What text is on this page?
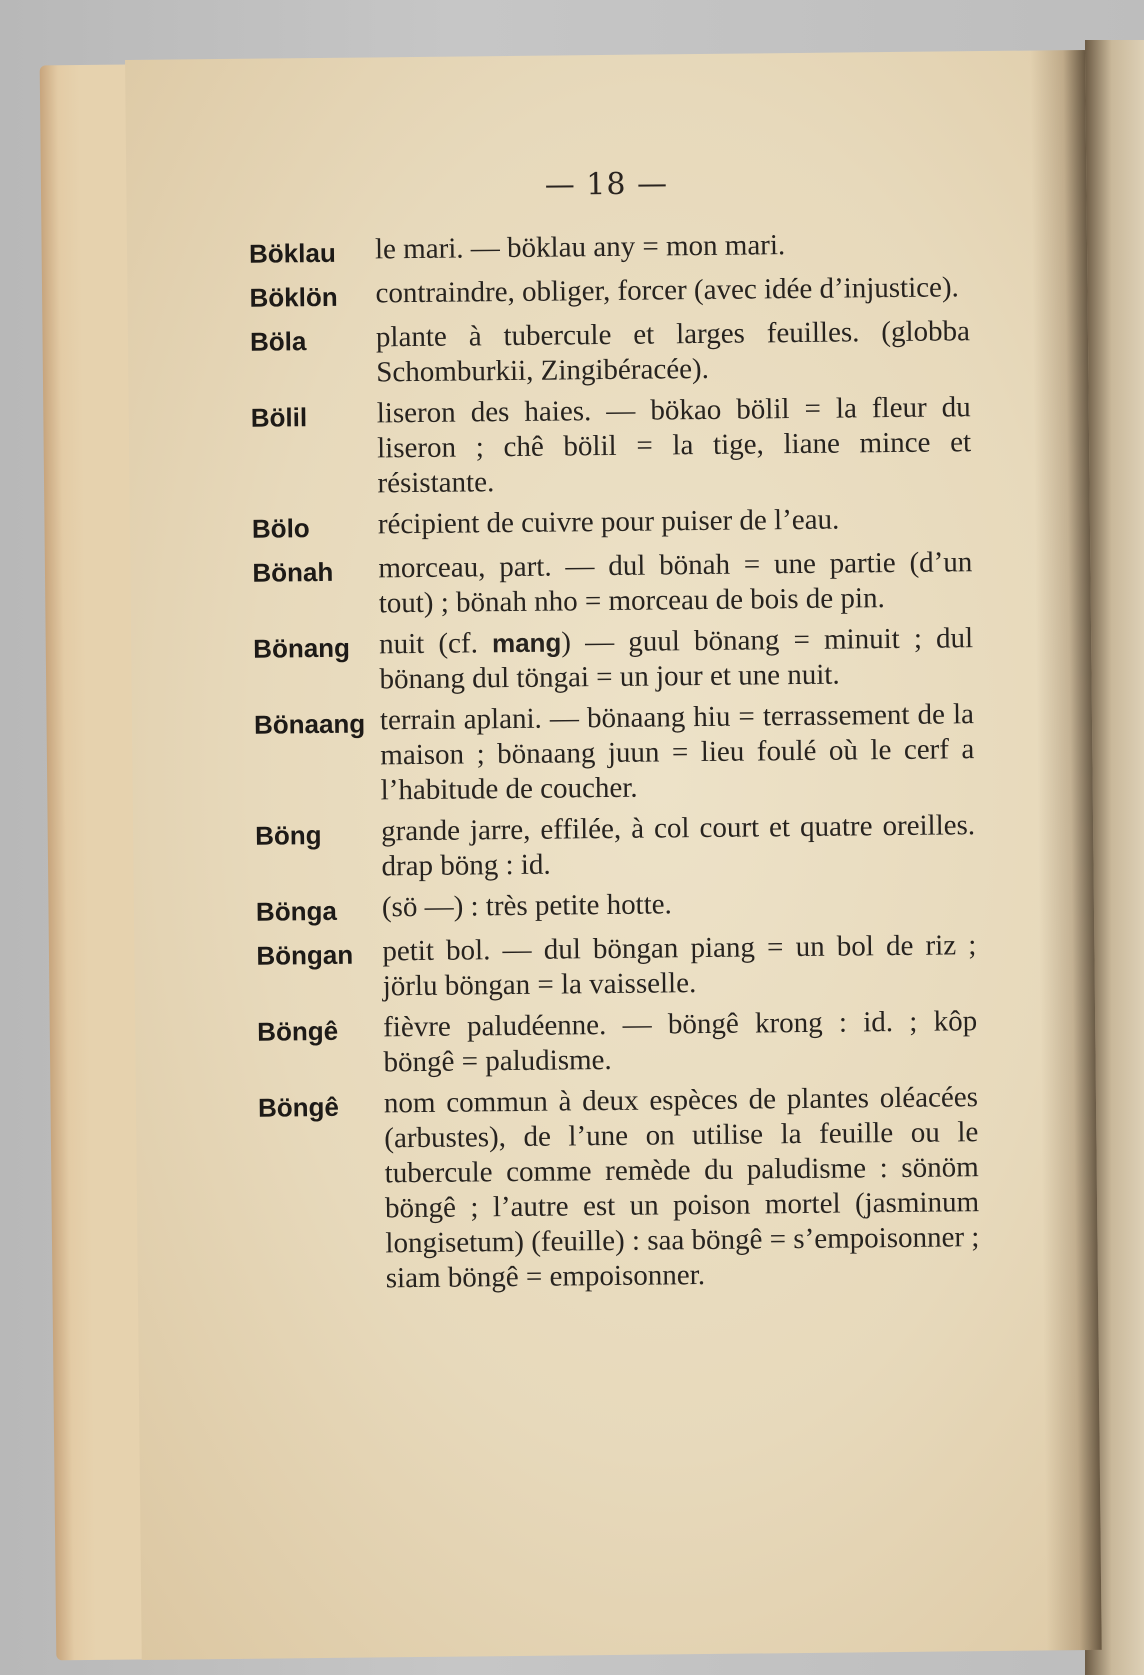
— 18 —
Böklau	le mari. — böklau any = mon mari.
Böklön	contraindre, obliger, forcer (avec idée d’injustice).
Böla	plante à tubercule et larges feuilles. (globba Schomburkii, Zingibéracée).
Bölil	liseron des haies. — bökao bölil = la fleur du liseron ; chê bölil = la tige, liane mince et résistante.
Bölo	récipient de cuivre pour puiser de l’eau.
Bönah	morceau, part. — dul bönah = une partie (d’un tout) ; bönah nho = morceau de bois de pin.
Bönang nuit (cf. mang) — guul bönang = minuit ; dul bönang dul töngai = un jour et une nuit.
Bönaang terrain aplani. — bönaang hiu = terrassement de la maison ; bönaang juun = lieu foulé où le cerf a l’habitude de coucher.
Böng	grande jarre, effilée, à col court et quatre oreilles. drap böng : id.
Bönga	(sö —) : très petite hotte.
Böngan petit bol. — dul böngan piang = un bol de riz ; jörlu böngan = la vaisselle.
Böngê	fièvre paludéenne. — böngê krong : id. ; kôp böngê = paludisme.
Böngê	nom commun à deux espèces de plantes oléacées (arbustes), de l’une on utilise la feuille ou le tubercule comme remède du paludisme : sönöm böngê ; l’autre est un poison mortel (jasminum longisetum) (feuille) : saa böngê = s’empoisonner ; siam böngê = empoisonner.
